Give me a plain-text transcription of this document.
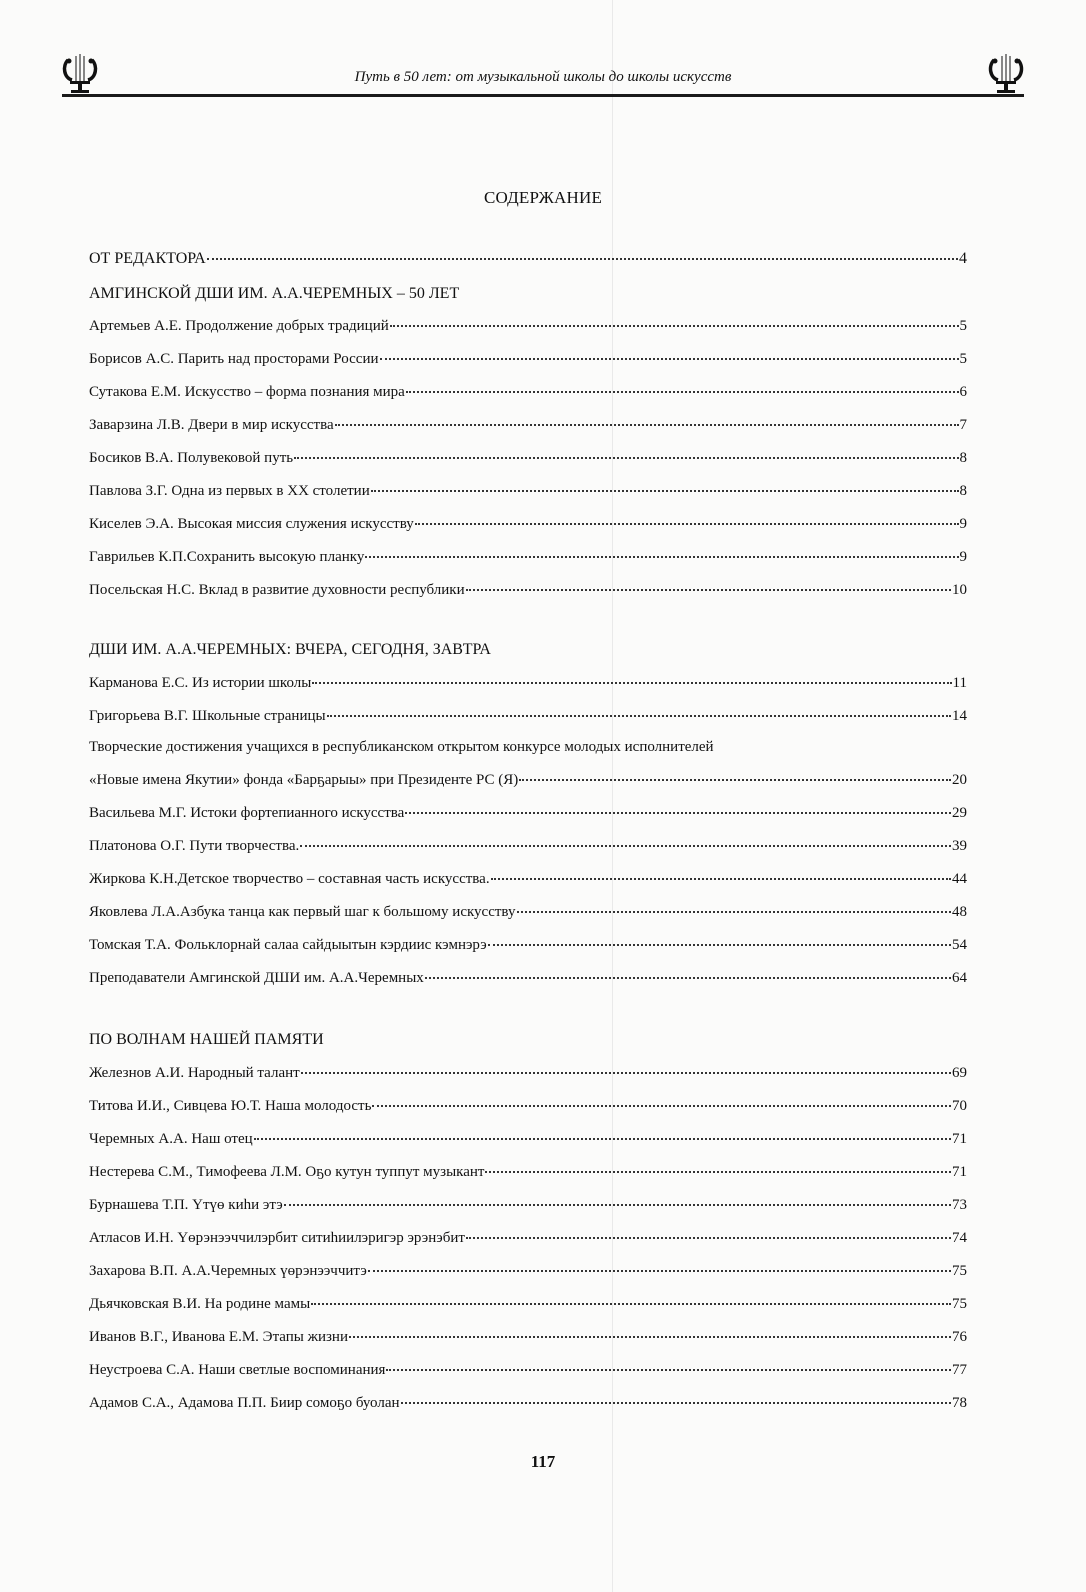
Путь в 50 лет: от музыкальной школы до школы искусств
СОДЕРЖАНИЕ
ОТ РЕДАКТОРА	4
АМГИНСКОЙ ДШИ ИМ. А.А.ЧЕРЕМНЫХ – 50 ЛЕТ
Артемьев А.Е. Продолжение добрых традиций	5
Борисов А.С. Парить над просторами России	5
Сутакова Е.М. Искусство – форма познания мира	6
Заварзина Л.В. Двери в мир искусства	7
Босиков В.А. Полувековой путь	8
Павлова З.Г. Одна из первых в XX столетии	8
Киселев Э.А. Высокая миссия служения искусству	9
Гаврильев К.П.Сохранить высокую планку	9
Посельская Н.С. Вклад в развитие духовности республики	10
ДШИ ИМ. А.А.ЧЕРЕМНЫХ: ВЧЕРА, СЕГОДНЯ, ЗАВТРА
Карманова Е.С. Из истории школы	11
Григорьева В.Г. Школьные страницы	14
Творческие достижения учащихся в республиканском открытом конкурсе молодых исполнителей
«Новые имена Якутии» фонда «Барҕарыы» при Президенте РС (Я)	20
Васильева М.Г. Истоки фортепианного искусства	29
Платонова О.Г. Пути творчества.	39
Жиркова К.Н.Детское творчество – составная часть искусства.	44
Яковлева Л.А.Азбука танца как первый шаг к большому искусству	48
Томская Т.А. Фольклорнай салаа сайдыытын кэрдиис кэмнэрэ	54
Преподаватели Амгинской ДШИ им. А.А.Черемных	64
ПО ВОЛНАМ НАШЕЙ ПАМЯТИ
Железнов А.И. Народный талант	69
Титова И.И., Сивцева Ю.Т. Наша молодость	70
Черемных А.А. Наш отец	71
Нестерева С.М., Тимофеева Л.М. Оҕо кутун туппут музыкант	71
Бурнашева Т.П. Үтүө киһи этэ	73
Атласов И.Н. Үөрэнээччилэрбит ситиһиилэригэр эрэнэбит	74
Захарова В.П. А.А.Черемных үөрэнээччитэ	75
Дьячковская В.И. На родине мамы	75
Иванов В.Г., Иванова Е.М. Этапы жизни	76
Неустроева С.А. Наши светлые воспоминания	77
Адамов С.А., Адамова П.П. Биир сомоҕо буолан	78
117
